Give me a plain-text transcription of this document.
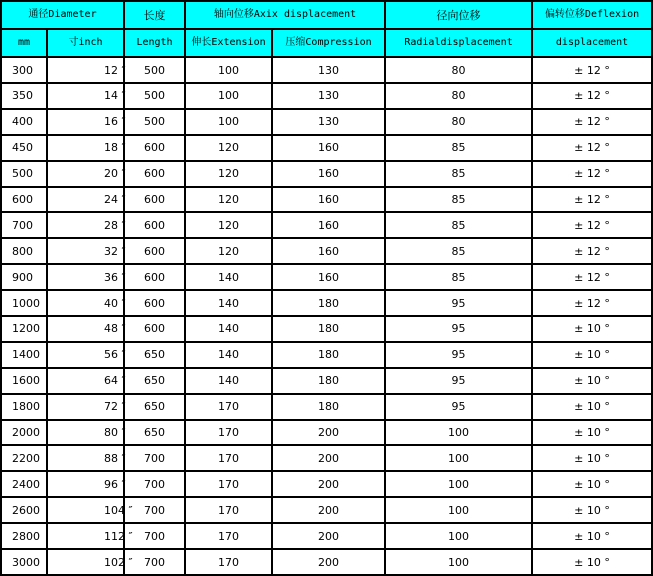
通径Diameter		长度	轴向位移Axix displacement		径向位移	偏转位移Deflexion
mm	寸inch	Length	伸长Extension	压缩Compression	Radialdisplacement	displacement
300	12 ″	500	100	130	80	± 12 °
350	14 ″	500	100	130	80	± 12 °
400	16 ″	500	100	130	80	± 12 °
450	18 ″	600	120	160	85	± 12 °
500	20 ″	600	120	160	85	± 12 °
600	24 ″	600	120	160	85	± 12 °
700	28 ″	600	120	160	85	± 12 °
800	32 ″	600	120	160	85	± 12 °
900	36 ″	600	140	160	85	± 12 °
1000	40 ″	600	140	180	95	± 12 °
1200	48 ″	600	140	180	95	± 10 °
1400	56 ″	650	140	180	95	± 10 °
1600	64 ″	650	140	180	95	± 10 °
1800	72 ″	650	170	180	95	± 10 °
2000	80 ″	650	170	200	100	± 10 °
2200	88 ″	700	170	200	100	± 10 °
2400	96 ″	700	170	200	100	± 10 °
2600	104 ″	700	170	200	100	± 10 °
2800	112 ″	700	170	200	100	± 10 °
3000	102 ″	700	170	200	100	± 10 °
